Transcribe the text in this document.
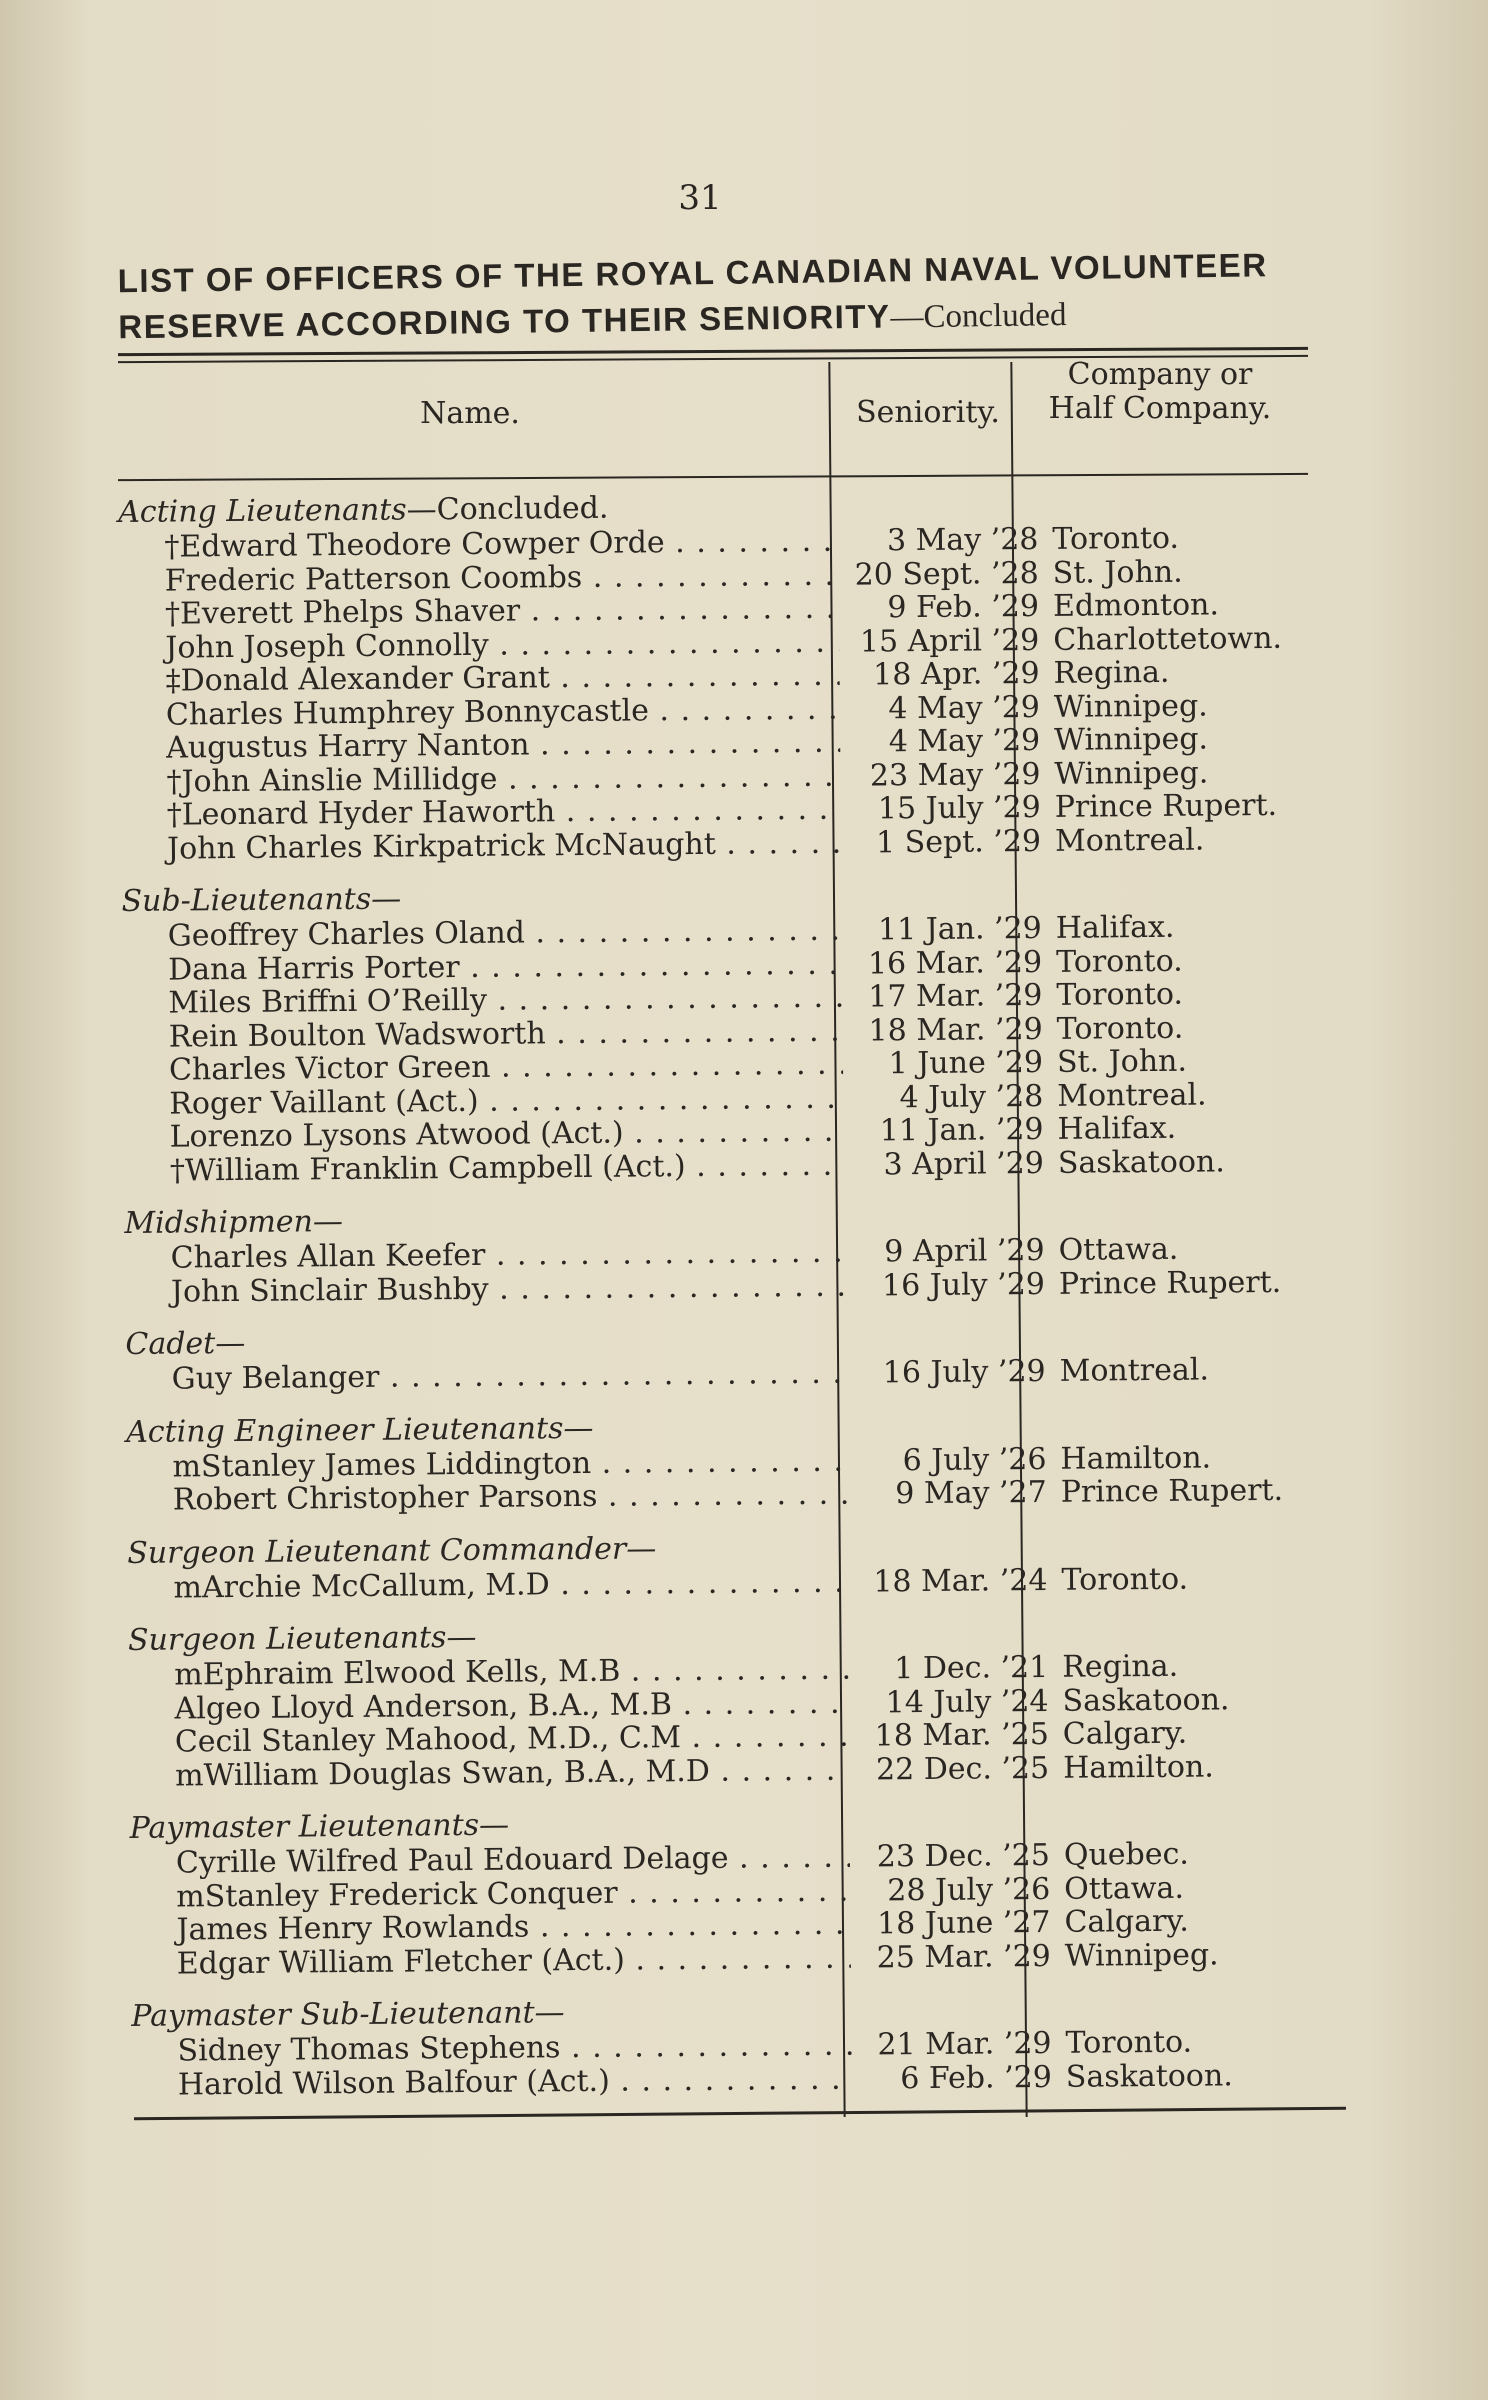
31
LIST OF OFFICERS OF THE ROYAL CANADIAN NAVAL VOLUNTEER RESERVE ACCORDING TO THEIR SENIORITY—Concluded
Name.	Seniority.
Company or Half Company.
Acting Lieutenants—Concluded.
†Edward Theodore Cowper Orde . . .	3 May ’28 Toronto.
Frederic Patterson Coombs . . .	20 Sept. ’28 St. John.
†Everett Phelps Shaver . . .	9 Feb. ’29 Edmonton.
John Joseph Connolly . . .	15 April ’29 Charlottetown.
‡Donald Alexander Grant . . .	18 Apr. ’29 Regina.
Charles Humphrey Bonnycastle . . .	4 May ’29 Winnipeg.
Augustus Harry Nanton . . .	4 May ’29 Winnipeg.
†John Ainslie Millidge . . .	23 May ’29 Winnipeg.
†Leonard Hyder Haworth . . .	15 July ’29 Prince Rupert.
John Charles Kirkpatrick McNaught . . .	1 Sept. ’29 Montreal.
Sub-Lieutenants—
Geoffrey Charles Oland . . .	11 Jan. ’29 Halifax.
Dana Harris Porter . . .	16 Mar. ’29 Toronto.
Miles Briffni O’Reilly . . .	17 Mar. ’29 Toronto.
Rein Boulton Wadsworth . . .	18 Mar. ’29 Toronto.
Charles Victor Green . . .	1 June ’29 St. John.
Roger Vaillant (Act.) . . .	4 July ’28 Montreal.
Lorenzo Lysons Atwood (Act.) . . .	11 Jan. ’29 Halifax.
†William Franklin Campbell (Act.) . . .	3 April ’29 Saskatoon.
Midshipmen—
Charles Allan Keefer . . .	9 April ’29 Ottawa.
John Sinclair Bushby . . .	16 July ’29 Prince Rupert.
Cadet—
Guy Belanger . . .	16 July ’29 Montreal.
Acting Engineer Lieutenants—
mStanley James Liddington . . .	6 July ’26 Hamilton.
Robert Christopher Parsons . . .	9 May ’27 Prince Rupert.
Surgeon Lieutenant Commander—
mArchie McCallum, M.D . . .	18 Mar. ’24 Toronto.
Surgeon Lieutenants—
mEphraim Elwood Kells, M.B . . .	1 Dec. ’21 Regina.
Algeo Lloyd Anderson, B.A., M.B . . .	14 July ’24 Saskatoon.
Cecil Stanley Mahood, M.D., C.M . . .	18 Mar. ’25 Calgary.
mWilliam Douglas Swan, B.A., M.D . . .	22 Dec. ’25 Hamilton.
Paymaster Lieutenants—
Cyrille Wilfred Paul Edouard Delage . . .	23 Dec. ’25 Quebec.
mStanley Frederick Conquer . . .	28 July ’26 Ottawa.
James Henry Rowlands . . .	18 June ’27 Calgary.
Edgar William Fletcher (Act.) . . .	25 Mar. ’29 Winnipeg.
Paymaster Sub-Lieutenant—
Sidney Thomas Stephens . . .	21 Mar. ’29 Toronto.
Harold Wilson Balfour (Act.) . . .	6 Feb. ’29 Saskatoon.
